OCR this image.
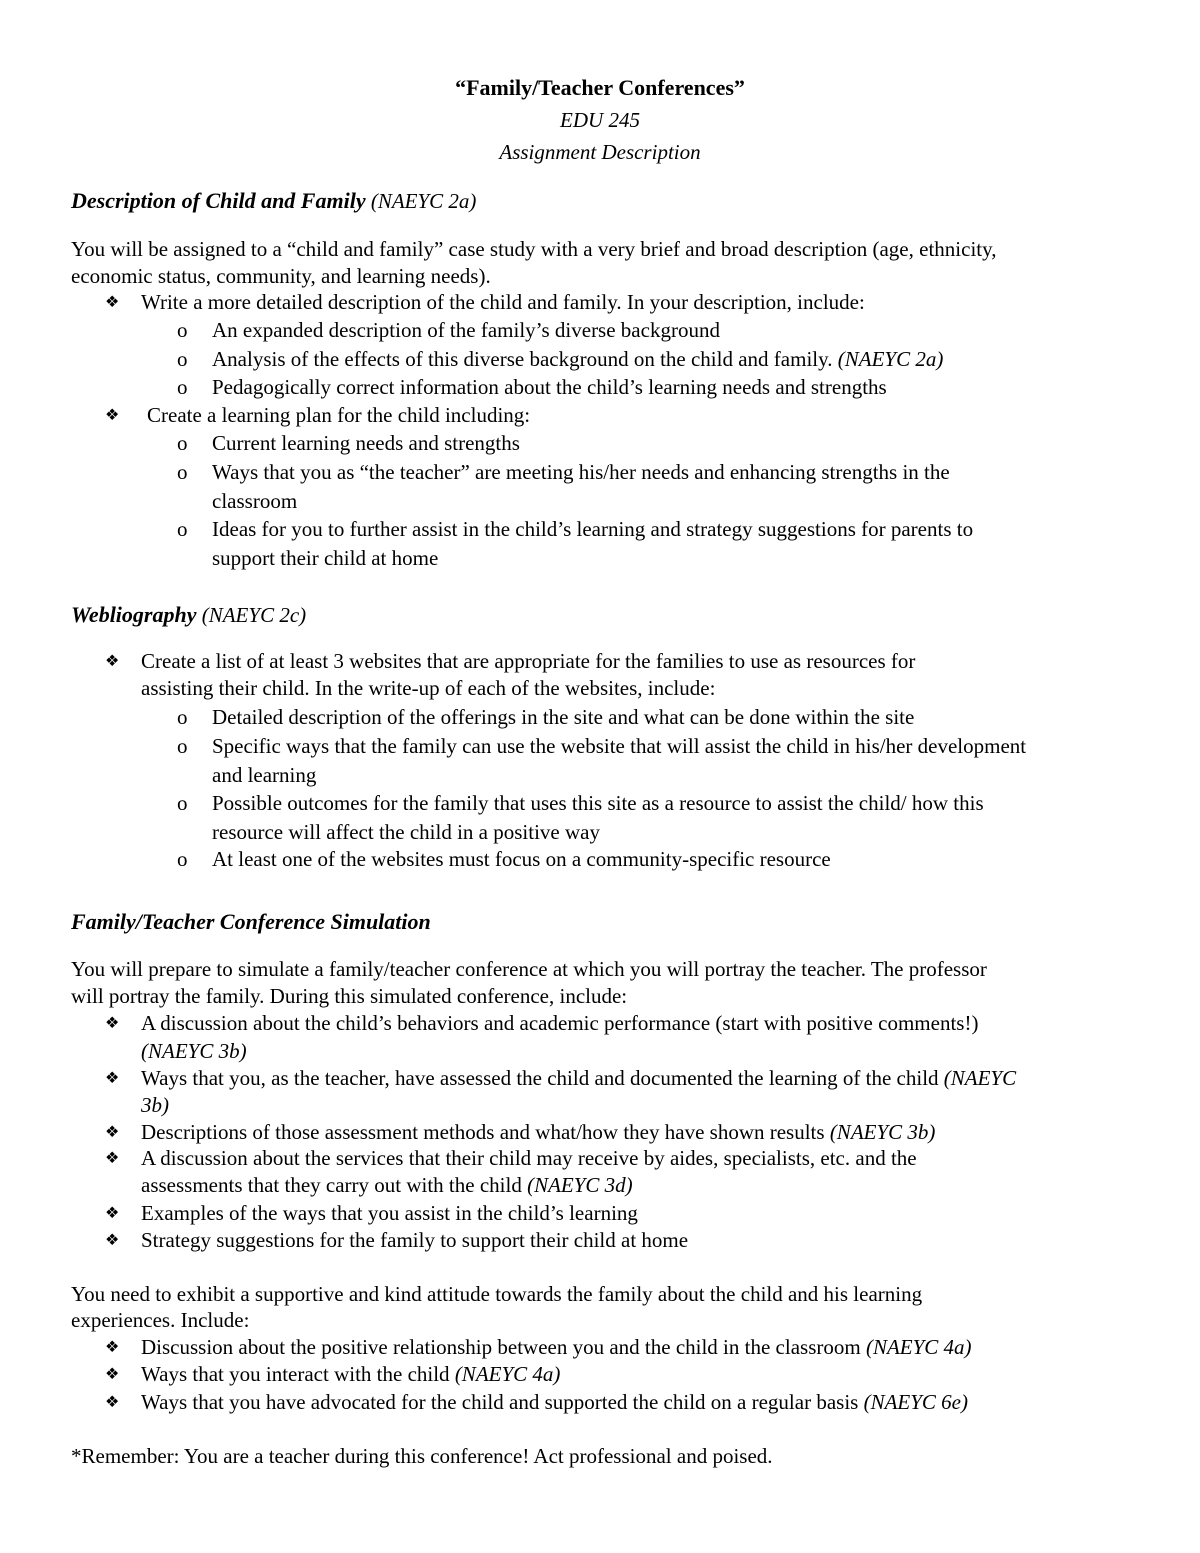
“Family/Teacher Conferences”
EDU 245
Assignment Description
Description of Child and Family (NAEYC 2a)
You will be assigned to a “child and family” case study with a very brief and broad description (age, ethnicity,
economic status, community, and learning needs).
❖ Write a more detailed description of the child and family. In your description, include:
o An expanded description of the family’s diverse background
o Analysis of the effects of this diverse background on the child and family. (NAEYC 2a)
o Pedagogically correct information about the child’s learning needs and strengths
❖ Create a learning plan for the child including:
o Current learning needs and strengths
o Ways that you as “the teacher” are meeting his/her needs and enhancing strengths in the
classroom
o Ideas for you to further assist in the child’s learning and strategy suggestions for parents to
support their child at home
Webliography (NAEYC 2c)
❖ Create a list of at least 3 websites that are appropriate for the families to use as resources for
assisting their child. In the write-up of each of the websites, include:
o Detailed description of the offerings in the site and what can be done within the site
o Specific ways that the family can use the website that will assist the child in his/her development
and learning
o Possible outcomes for the family that uses this site as a resource to assist the child/ how this
resource will affect the child in a positive way
o At least one of the websites must focus on a community-specific resource
Family/Teacher Conference Simulation
You will prepare to simulate a family/teacher conference at which you will portray the teacher. The professor
will portray the family. During this simulated conference, include:
❖ A discussion about the child’s behaviors and academic performance (start with positive comments!)
(NAEYC 3b)
❖ Ways that you, as the teacher, have assessed the child and documented the learning of the child (NAEYC
3b)
❖ Descriptions of those assessment methods and what/how they have shown results (NAEYC 3b)
❖ A discussion about the services that their child may receive by aides, specialists, etc. and the
assessments that they carry out with the child (NAEYC 3d)
❖ Examples of the ways that you assist in the child’s learning
❖ Strategy suggestions for the family to support their child at home
You need to exhibit a supportive and kind attitude towards the family about the child and his learning
experiences. Include:
❖ Discussion about the positive relationship between you and the child in the classroom (NAEYC 4a)
❖ Ways that you interact with the child (NAEYC 4a)
❖ Ways that you have advocated for the child and supported the child on a regular basis (NAEYC 6e)
*Remember: You are a teacher during this conference! Act professional and poised.
